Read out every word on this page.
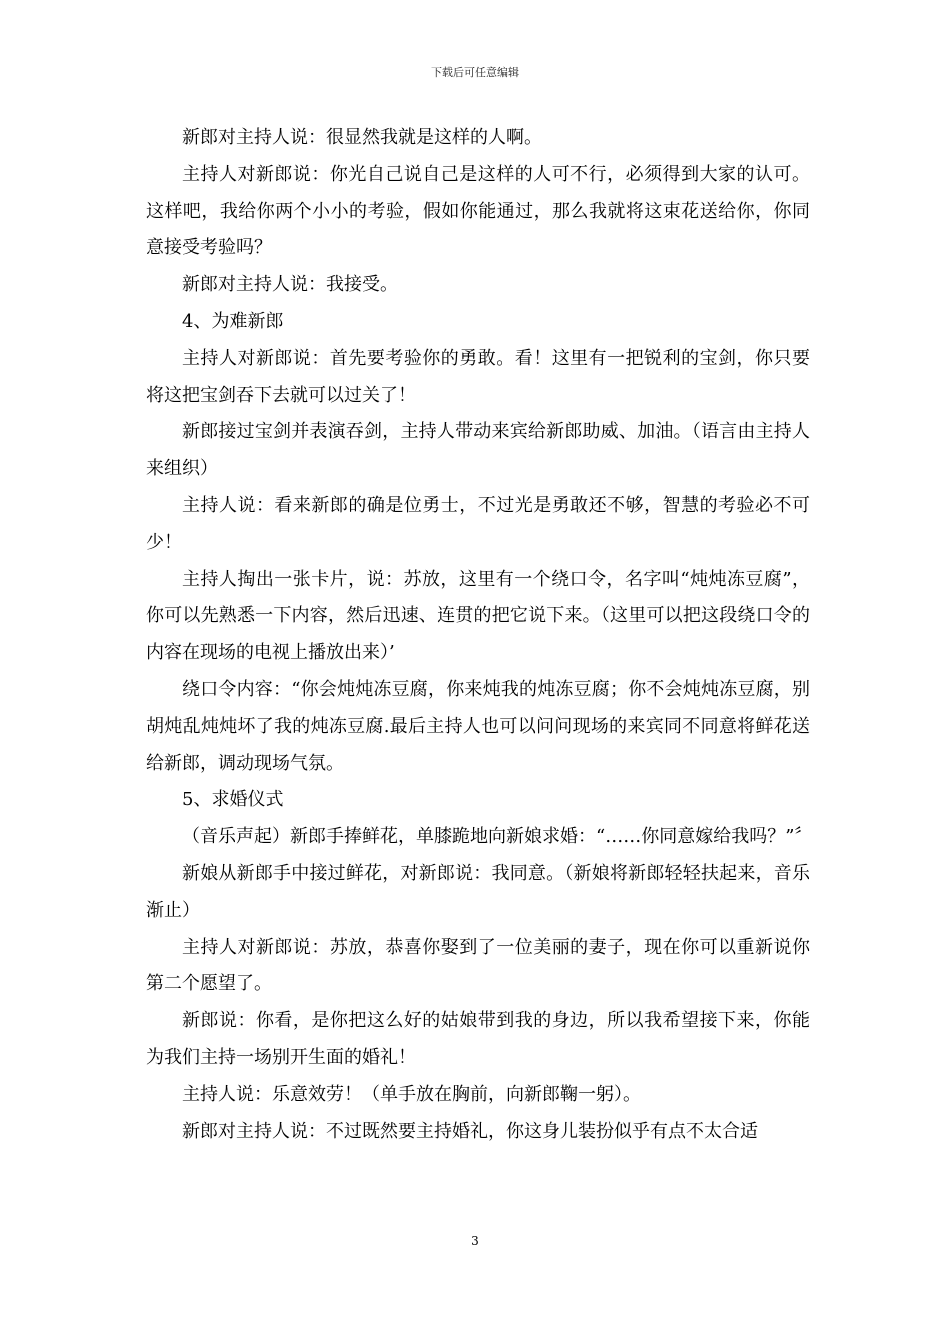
下载后可任意编辑

新郎对主持人说：很显然我就是这样的人啊。

主持人对新郎说：你光自己说自己是这样的人可不行，必须得到大家的认可。这样吧，我给你两个小小的考验，假如你能通过，那么我就将这束花送给你，你同意接受考验吗？

新郎对主持人说：我接受。

4、为难新郎

主持人对新郎说：首先要考验你的勇敢。看！这里有一把锐利的宝剑，你只要将这把宝剑吞下去就可以过关了！

新郎接过宝剑并表演吞剑，主持人带动来宾给新郎助威、加油。（语言由主持人来组织）

主持人说：看来新郎的确是位勇士，不过光是勇敢还不够，智慧的考验必不可少！

主持人掏出一张卡片，说：苏放，这里有一个绕口令，名字叫“炖炖冻豆腐”，你可以先熟悉一下内容，然后迅速、连贯的把它说下来。（这里可以把这段绕口令的内容在现场的电视上播放出来）’

绕口令内容：“你会炖炖冻豆腐，你来炖我的炖冻豆腐；你不会炖炖冻豆腐，别胡炖乱炖炖坏了我的炖冻豆腐.最后主持人也可以问问现场的来宾同不同意将鲜花送给新郎，调动现场气氛。

5、求婚仪式

（音乐声起）新郎手捧鲜花，单膝跪地向新娘求婚：“……你同意嫁给我吗？”〞

新娘从新郎手中接过鲜花，对新郎说：我同意。（新娘将新郎轻轻扶起来，音乐渐止）

主持人对新郎说：苏放，恭喜你娶到了一位美丽的妻子，现在你可以重新说你第二个愿望了。

新郎说：你看，是你把这么好的姑娘带到我的身边，所以我希望接下来，你能为我们主持一场别开生面的婚礼！

主持人说：乐意效劳！（单手放在胸前，向新郎鞠一躬）。

新郎对主持人说：不过既然要主持婚礼，你这身儿装扮似乎有点不太合适

3
